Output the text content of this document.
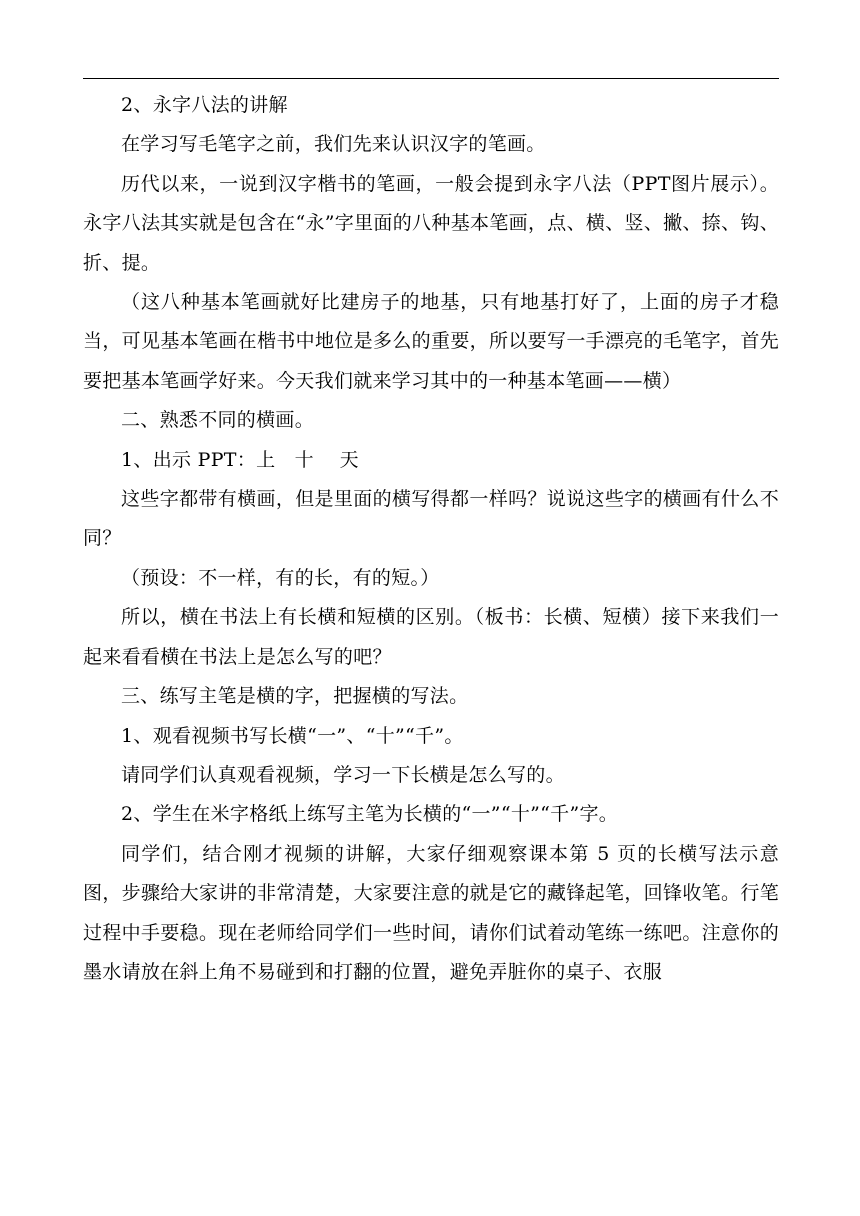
2、永字八法的讲解

在学习写毛笔字之前，我们先来认识汉字的笔画。

历代以来，一说到汉字楷书的笔画，一般会提到永字八法（PPT图片展示）。永字八法其实就是包含在“永”字里面的八种基本笔画，点、横、竖、撇、捺、钩、折、提。

（这八种基本笔画就好比建房子的地基，只有地基打好了，上面的房子才稳当，可见基本笔画在楷书中地位是多么的重要，所以要写一手漂亮的毛笔字，首先要把基本笔画学好来。今天我们就来学习其中的一种基本笔画——横）

二、熟悉不同的横画。

1、出示 PPT：上　十　 天

这些字都带有横画，但是里面的横写得都一样吗？说说这些字的横画有什么不同？

（预设：不一样，有的长，有的短。）

所以，横在书法上有长横和短横的区别。（板书：长横、短横）接下来我们一起来看看横在书法上是怎么写的吧？

三、练写主笔是横的字，把握横的写法。

1、观看视频书写长横“一”、“十”“千”。

请同学们认真观看视频，学习一下长横是怎么写的。

2、学生在米字格纸上练写主笔为长横的“一”“十”“千”字。

同学们，结合刚才视频的讲解，大家仔细观察课本第 5 页的长横写法示意图，步骤给大家讲的非常清楚，大家要注意的就是它的藏锋起笔，回锋收笔。行笔过程中手要稳。现在老师给同学们一些时间，请你们试着动笔练一练吧。注意你的墨水请放在斜上角不易碰到和打翻的位置，避免弄脏你的桌子、衣服
